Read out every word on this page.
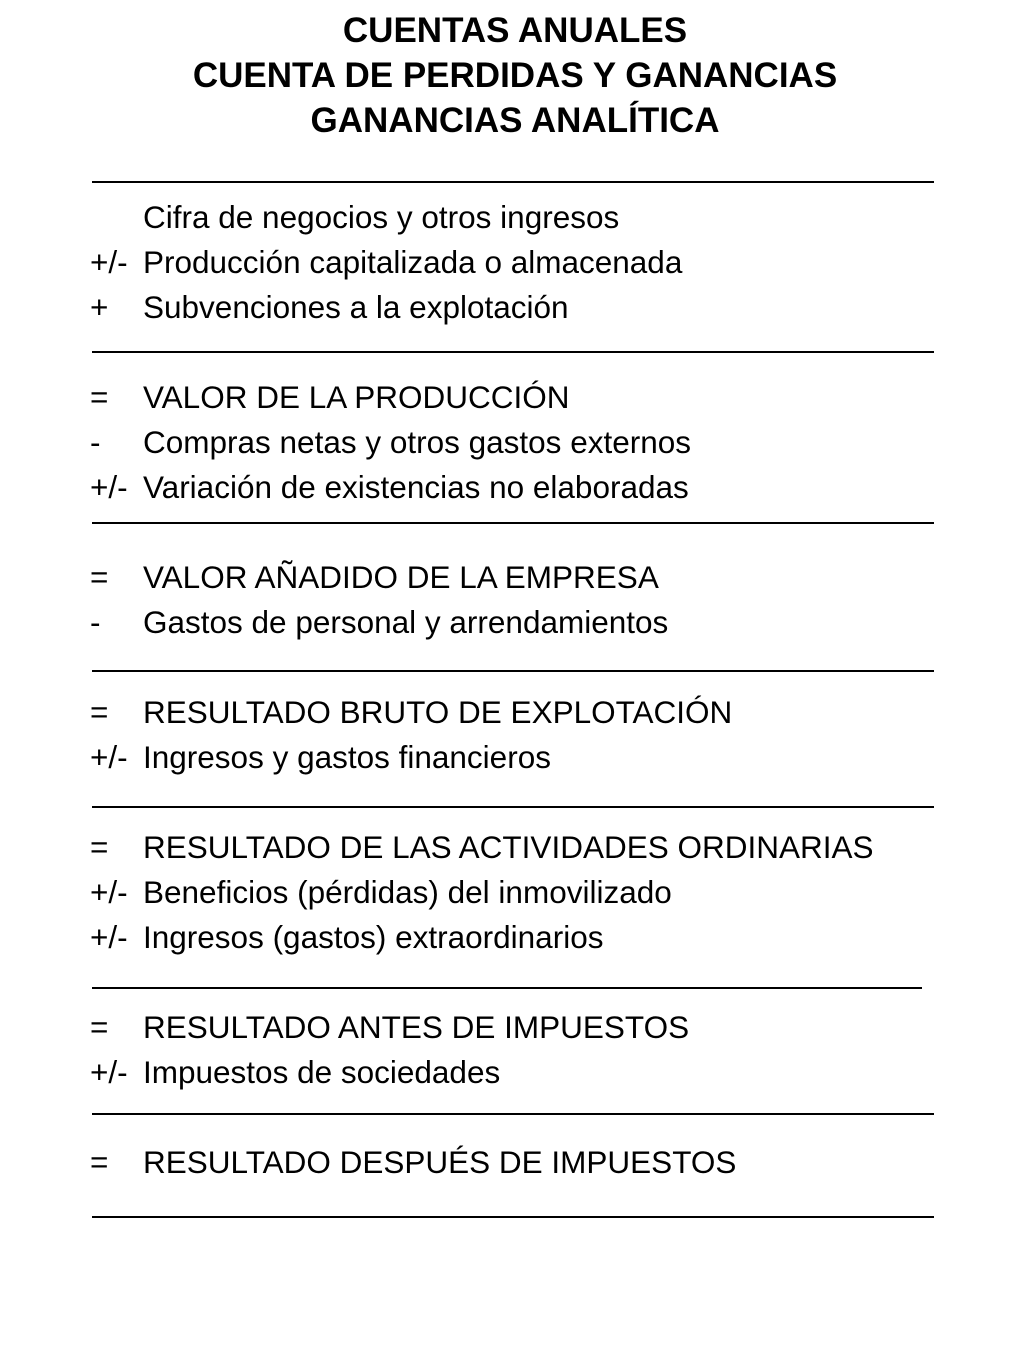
CUENTAS ANUALES
CUENTA DE PERDIDAS Y GANANCIAS
GANANCIAS ANALÍTICA
Cifra de negocios y otros ingresos
+/- Producción capitalizada o almacenada
+	Subvenciones a la explotación
=	VALOR DE LA PRODUCCIÓN
-	Compras netas y otros gastos externos
+/- Variación de existencias no elaboradas
=	VALOR AÑADIDO DE LA EMPRESA
-	Gastos de personal y arrendamientos
=	RESULTADO BRUTO DE EXPLOTACIÓN
+/- Ingresos y gastos financieros
=	RESULTADO DE LAS ACTIVIDADES ORDINARIAS
+/- Beneficios (pérdidas) del inmovilizado
+/- Ingresos (gastos) extraordinarios
=	RESULTADO ANTES DE IMPUESTOS
+/- Impuestos de sociedades
=	RESULTADO DESPUÉS DE IMPUESTOS
